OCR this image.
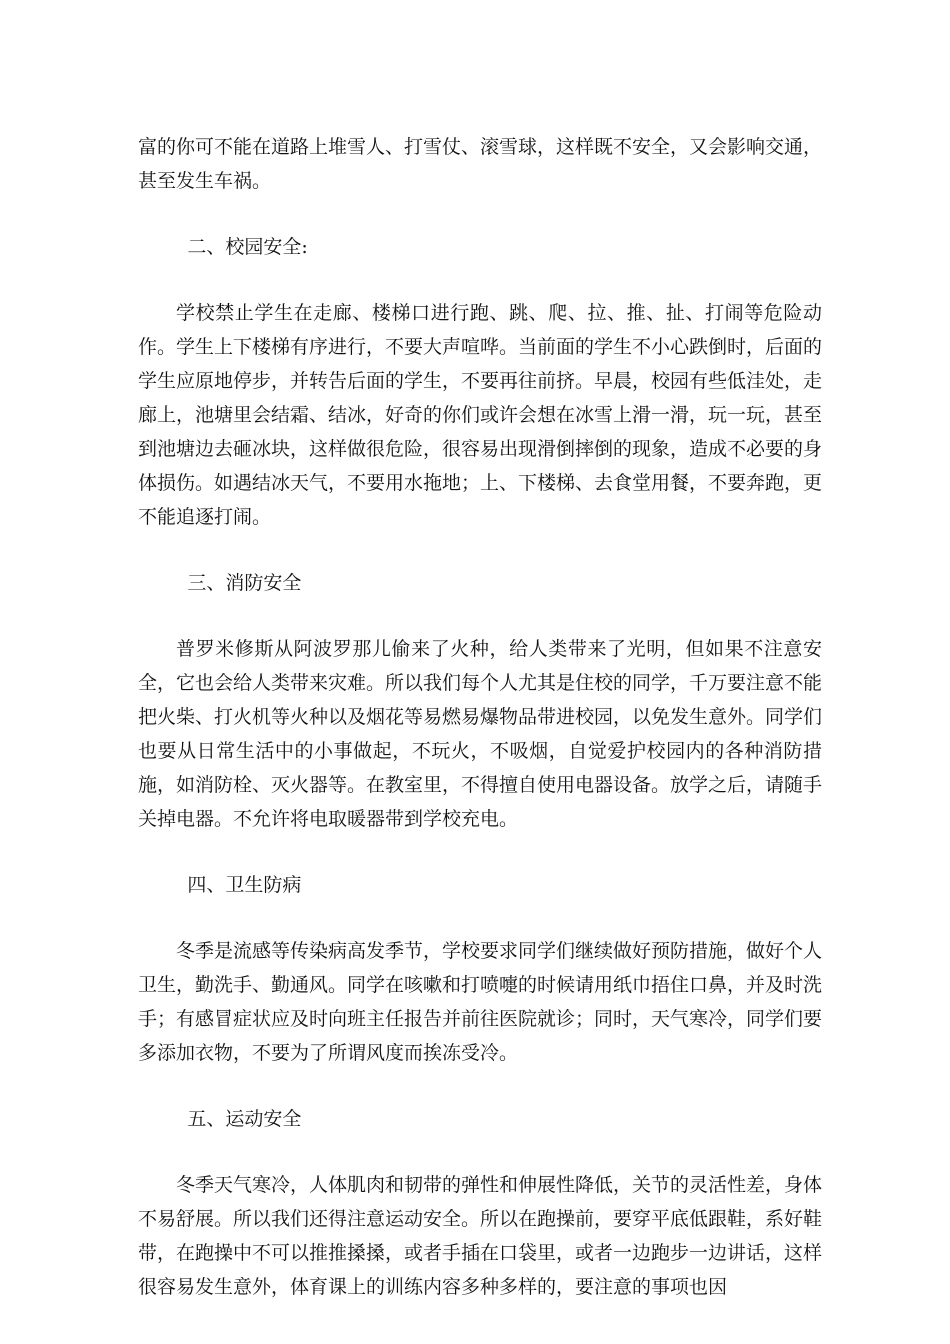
富的你可不能在道路上堆雪人、打雪仗、滚雪球，这样既不安全，又会影响交通，甚至发生车祸。

二、校园安全:

学校禁止学生在走廊、楼梯口进行跑、跳、爬、拉、推、扯、打闹等危险动作。学生上下楼梯有序进行，不要大声喧哗。当前面的学生不小心跌倒时，后面的学生应原地停步，并转告后面的学生，不要再往前挤。早晨，校园有些低洼处，走廊上，池塘里会结霜、结冰，好奇的你们或许会想在冰雪上滑一滑，玩一玩，甚至到池塘边去砸冰块，这样做很危险，很容易出现滑倒摔倒的现象，造成不必要的身体损伤。如遇结冰天气，不要用水拖地；上、下楼梯、去食堂用餐，不要奔跑，更不能追逐打闹。

三、消防安全

普罗米修斯从阿波罗那儿偷来了火种，给人类带来了光明，但如果不注意安全，它也会给人类带来灾难。所以我们每个人尤其是住校的同学，千万要注意不能把火柴、打火机等火种以及烟花等易燃易爆物品带进校园，以免发生意外。同学们也要从日常生活中的小事做起，不玩火，不吸烟，自觉爱护校园内的各种消防措施，如消防栓、灭火器等。在教室里，不得擅自使用电器设备。放学之后，请随手关掉电器。不允许将电取暖器带到学校充电。

四、卫生防病

冬季是流感等传染病高发季节，学校要求同学们继续做好预防措施，做好个人卫生，勤洗手、勤通风。同学在咳嗽和打喷嚏的时候请用纸巾捂住口鼻，并及时洗手；有感冒症状应及时向班主任报告并前往医院就诊；同时，天气寒冷，同学们要多添加衣物，不要为了所谓风度而挨冻受冷。

五、运动安全

冬季天气寒冷，人体肌肉和韧带的弹性和伸展性降低，关节的灵活性差，身体不易舒展。所以我们还得注意运动安全。所以在跑操前，要穿平底低跟鞋，系好鞋带，在跑操中不可以推推搡搡，或者手插在口袋里，或者一边跑步一边讲话，这样很容易发生意外，体育课上的训练内容多种多样的，要注意的事项也因
